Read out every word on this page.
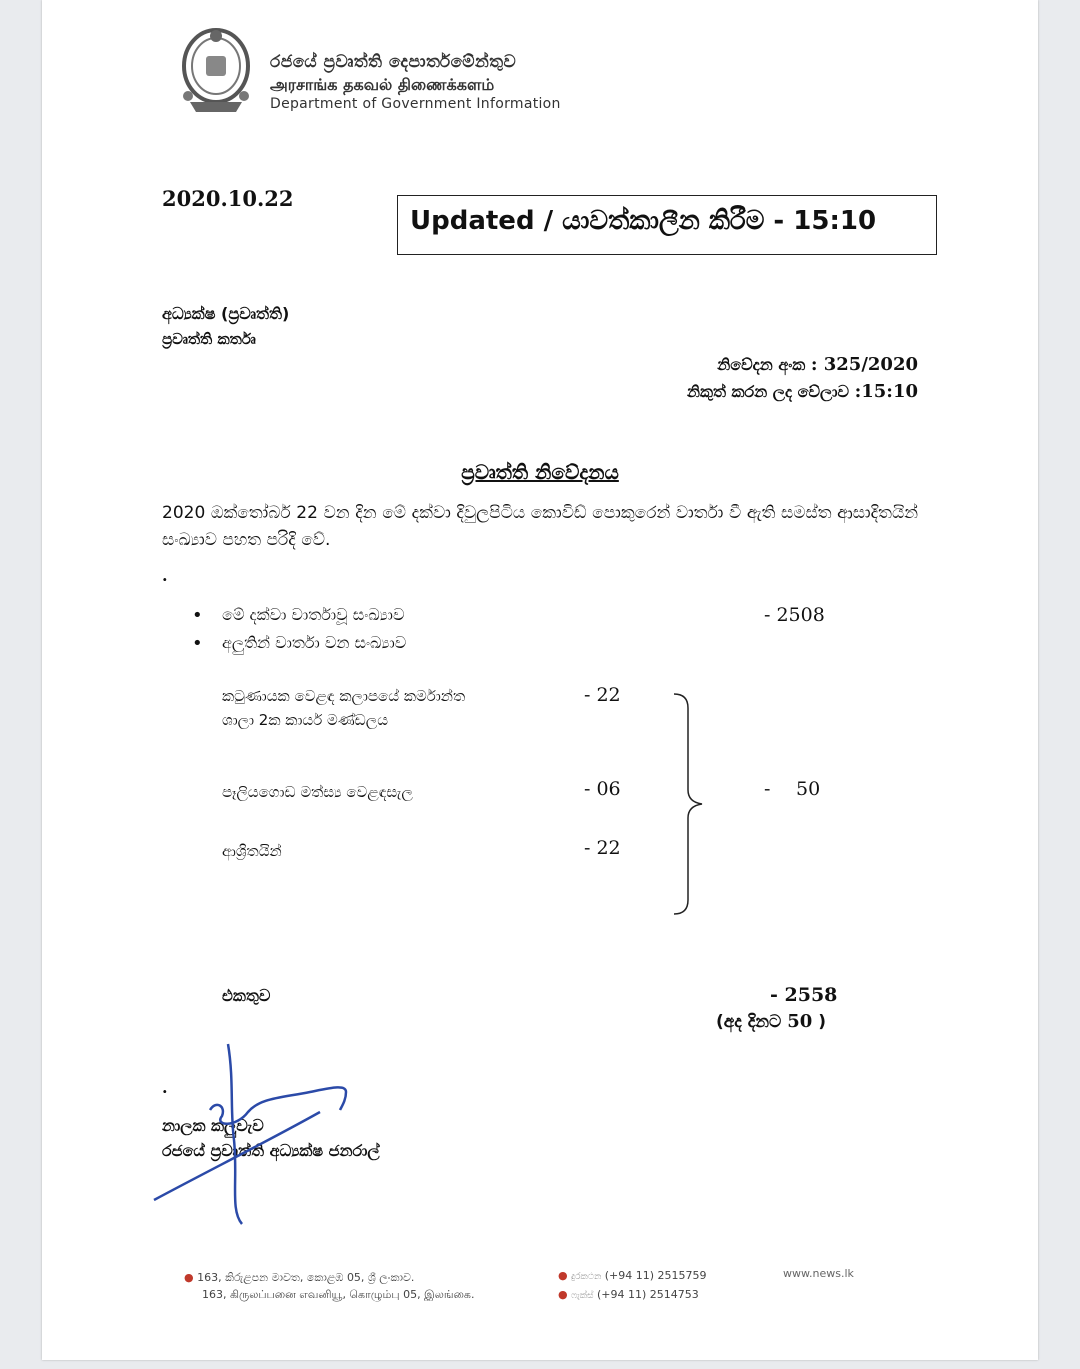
රජයේ ප්‍රවෘත්ති දෙපාර්තමේන්තුව
அரசாங்க தகவல் திணைக்களம்
Department of Government Information
2020.10.22
Updated / යාවත්කාලීන කිරීම - 15:10
අධ්‍යක්ෂ (ප්‍රවෘත්ති)
ප්‍රවෘත්ති කර්තෘ
නිවේදන අංක : 325/2020
නිකුත් කරන ලද වේලාව :15:10
ප්‍රවෘත්ති නිවේදනය
2020 ඔක්තෝබර් 22 වන දින මේ දක්වා දිවුලපිටිය කොවිඩ් පොකුරෙන් වාර්තා වී ඇති සමස්ත ආසාදිතයින් සංඛ්‍යාව පහත පරිදි වේ.
.
• මේ දක්වා වාර්තාවූ සංඛ්‍යාව	- 2508
• අලුතින් වාර්තා වන සංඛ්‍යාව
කටුණායක වෙළඳ කලාපයේ කර්මාන්ත
ශාලා 2ක කාර්ය මණ්ඩලය
- 22
පෑලියගොඩ මත්ස්‍ය වෙළඳසැල	- 06
ආශ්‍රිතයින්	- 22
- 50
එකතුව	- 2558
(අද දිනට 50 )
.
නාලක කලුවැව
රජයේ ප්‍රවෘත්ති අධ්‍යක්ෂ ජනරාල්
● 163, කිරුළපන මාවත, කොළඹ 05, ශ්‍රී ලංකාව.
163, கிருலப்பனை எவனியூ, கொழும்பு 05, இலங்கை.
● දුරකථන (+94 11) 2515759
● ෆැක්ස් (+94 11) 2514753
www.news.lk
